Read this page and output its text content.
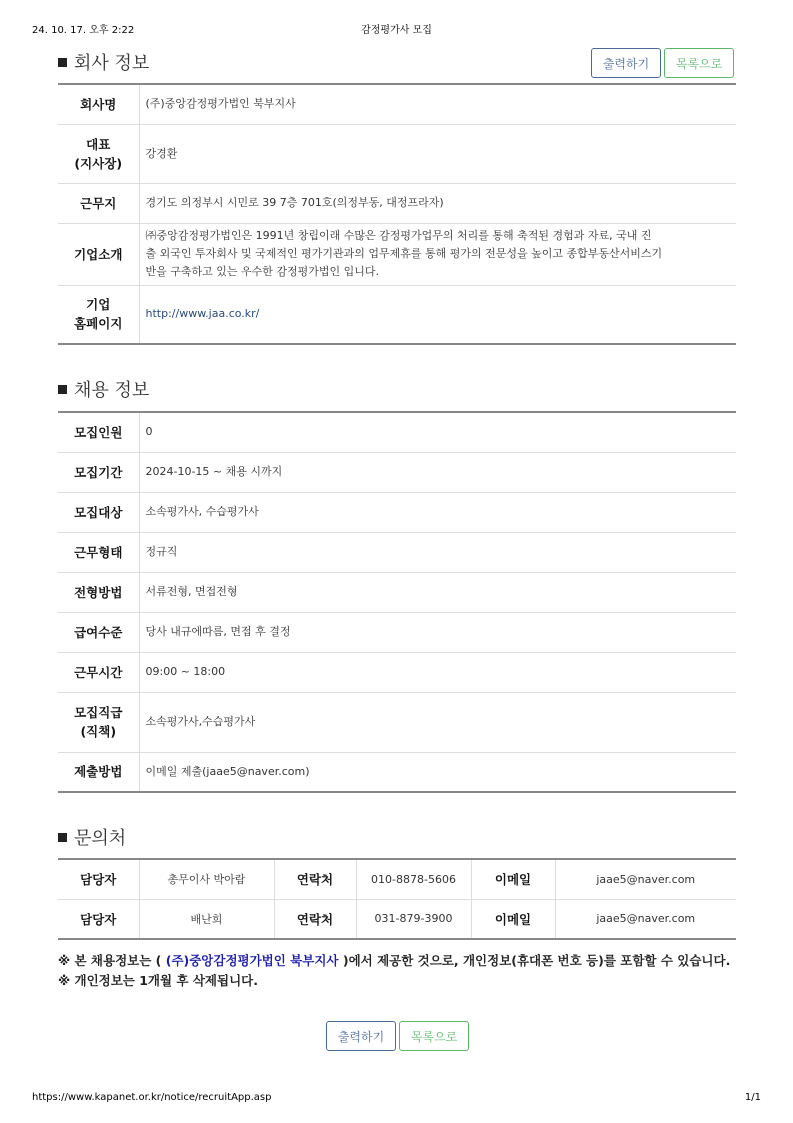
24. 10. 17. 오후 2:22	감정평가사 모집
회사 정보	출력하기	목록으로
회사명	(주)중앙감정평가법인 북부지사
대표
(지사장)	강경환
근무지	경기도 의정부시 시민로 39 7층 701호(의정부동, 대정프라자)
기업소개	㈜중앙감정평가법인은 1991년 창립이래 수많은 감정평가업무의 처리를 통해 축적된 경험과 자료, 국내 진
출 외국인 투자회사 및 국제적인 평가기관과의 업무제휴를 통해 평가의 전문성을 높이고 종합부동산서비스기
반을 구축하고 있는 우수한 감정평가법인 입니다.
기업
홈페이지	http://www.jaa.co.kr/
채용 정보
모집인원	0
모집기간	2024-10-15 ~ 채용 시까지
모집대상	소속평가사, 수습평가사
근무형태	정규직
전형방법	서류전형, 면접전형
급여수준	당사 내규에따름, 면접 후 결정
근무시간	09:00 ~ 18:00
모집직급
(직책)	소속평가사,수습평가사
제출방법	이메일 제출(jaae5@naver.com)
문의처
담당자	총무이사 박아람	연락처	010-8878-5606	이메일	jaae5@naver.com
담당자	배난희	연락처	031-879-3900	이메일	jaae5@naver.com
※ 본 채용정보는 ( (주)중앙감정평가법인 북부지사 )에서 제공한 것으로, 개인정보(휴대폰 번호 등)를 포함할 수 있습니다.
※ 개인정보는 1개월 후 삭제됩니다.
출력하기	목록으로
https://www.kapanet.or.kr/notice/recruitApp.asp	1/1
